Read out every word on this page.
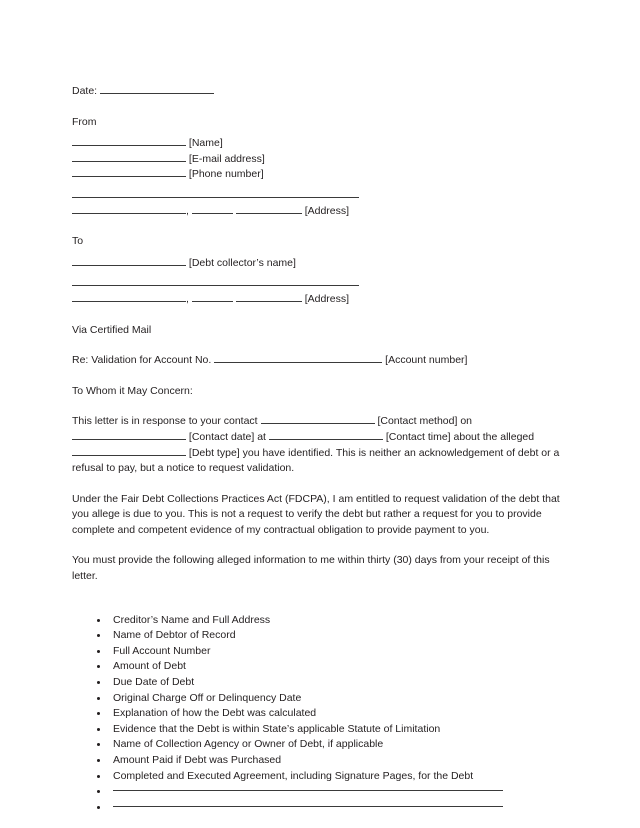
Date:
From
[Name]
[E-mail address]
[Phone number]
,	[Address]
To
[Debt collector’s name]
,	[Address]
Via Certified Mail
Re: Validation for Account No.	[Account number]
To Whom it May Concern:

This letter is in response to your contact	[Contact method] on
[Contact date] at	[Contact time] about the alleged
[Debt type] you have identified. This is neither an acknowledgement of debt or a
refusal to pay, but a notice to request validation.

Under the Fair Debt Collections Practices Act (FDCPA), I am entitled to request validation of the debt that you allege is due to you. This is not a request to verify the debt but rather a request for you to provide complete and competent evidence of my contractual obligation to provide payment to you.

You must provide the following alleged information to me within thirty (30) days from your receipt of this letter.

Creditor’s Name and Full Address
Name of Debtor of Record
Full Account Number
Amount of Debt
Due Date of Debt
Original Charge Off or Delinquency Date
Explanation of how the Debt was calculated
Evidence that the Debt is within State’s applicable Statute of Limitation
Name of Collection Agency or Owner of Debt, if applicable
Amount Paid if Debt was Purchased
Completed and Executed Agreement, including Signature Pages, for the Debt
